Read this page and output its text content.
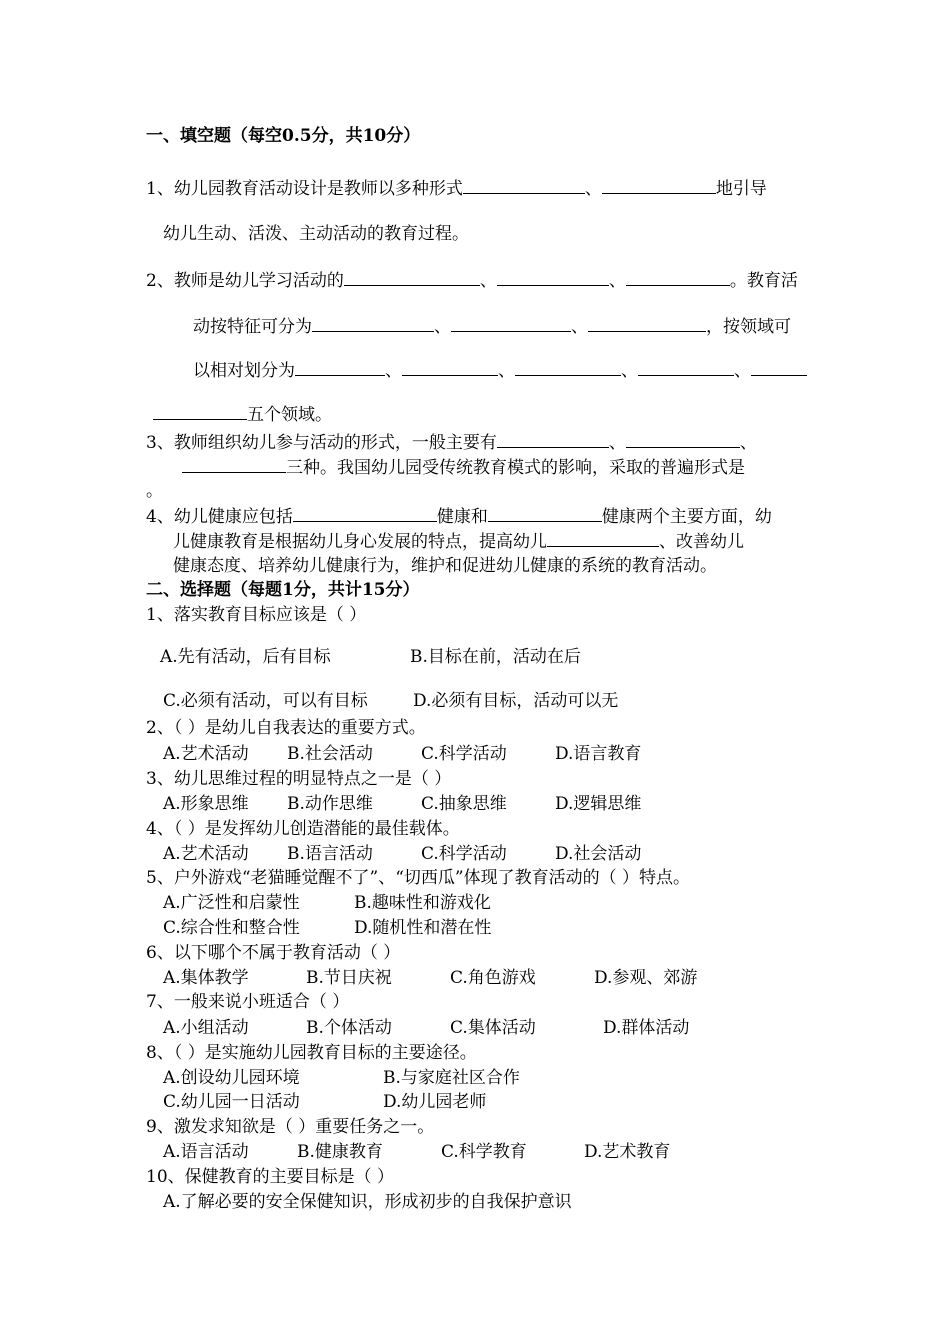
一、填空题（每空0.5分，共10分）
1、幼儿园教育活动设计是教师以多种形式	、	地引导
幼儿生动、活泼、主动活动的教育过程。
2、教师是幼儿学习活动的	、	、	。教育活
动按特征可分为	、	、	，按领域可
以相对划分为	、	、	、	、
五个领域。
3、教师组织幼儿参与活动的形式，一般主要有	、	、
三种。我国幼儿园受传统教育模式的影响，采取的普遍形式是
。
4、幼儿健康应包括	健康和	健康两个主要方面，幼
儿健康教育是根据幼儿身心发展的特点，提高幼儿	、改善幼儿
健康态度、培养幼儿健康行为，维护和促进幼儿健康的系统的教育活动。
二、选择题（每题1分，共计15分）
1、落实教育目标应该是（ ）
A.先有活动，后有目标	B.目标在前，活动在后
C.必须有活动，可以有目标	D.必须有目标，活动可以无
2、（ ）是幼儿自我表达的重要方式。
A.艺术活动 B.社会活动	C.科学活动	D.语言教育
3、幼儿思维过程的明显特点之一是（ ）
A.形象思维 B.动作思维	C.抽象思维	D.逻辑思维
4、（ ）是发挥幼儿创造潜能的最佳载体。
A.艺术活动 B.语言活动	C.科学活动	D.社会活动
5、户外游戏“老猫睡觉醒不了”、“切西瓜”体现了教育活动的（ ）特点。
A.广泛性和启蒙性	B.趣味性和游戏化
C.综合性和整合性	D.随机性和潜在性
6、以下哪个不属于教育活动（ ）
A.集体教学	B.节日庆祝	C.角色游戏	D.参观、郊游
7、一般来说小班适合（ ）
A.小组活动	B.个体活动	C.集体活动	D.群体活动
8、（ ）是实施幼儿园教育目标的主要途径。
A.创设幼儿园环境	B.与家庭社区合作
C.幼儿园一日活动	D.幼儿园老师
9、激发求知欲是（ ）重要任务之一。
A.语言活动	B.健康教育	C.科学教育	D.艺术教育
10、保健教育的主要目标是（ ）
A.了解必要的安全保健知识，形成初步的自我保护意识
